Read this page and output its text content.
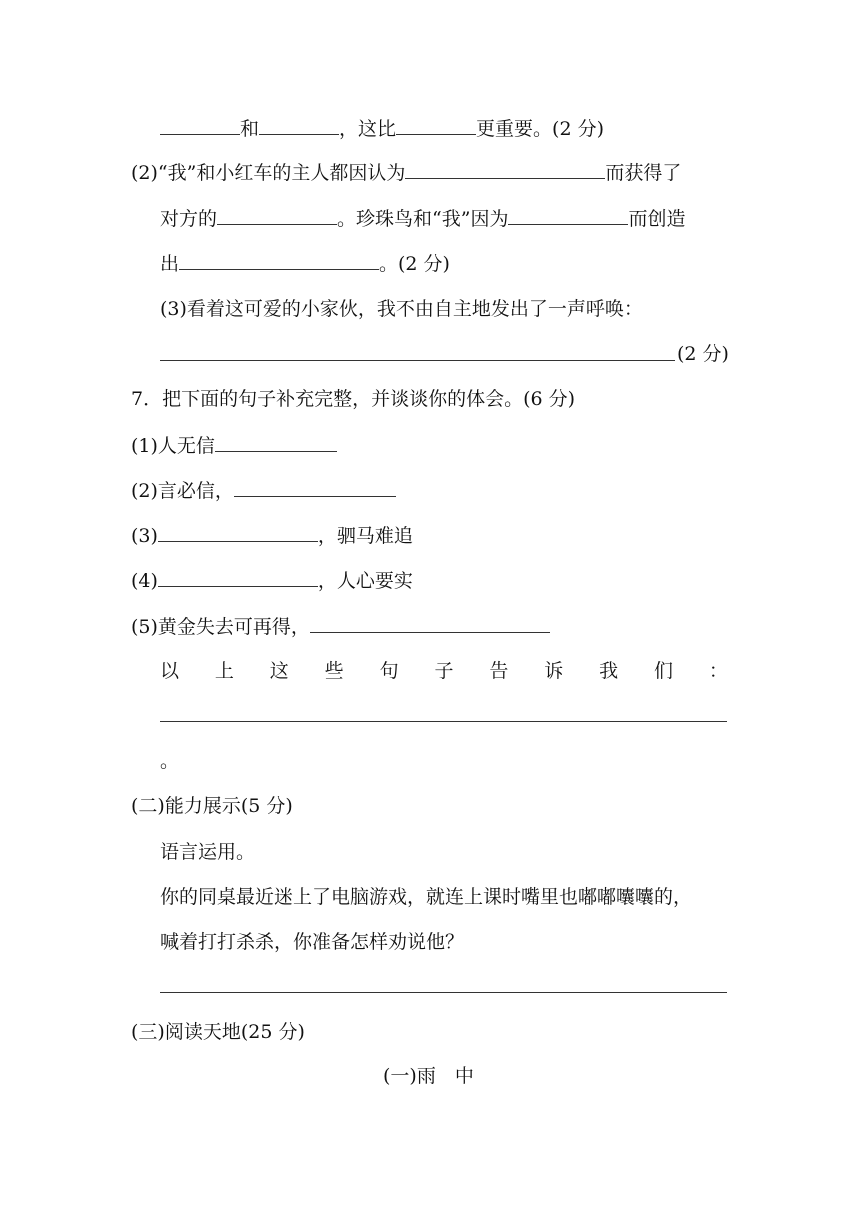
和	，这比	更重要。(2 分)
(2)“我”和小红车的主人都因认为	而获得了
对方的	。珍珠鸟和“我”因为	而创造
出	。(2 分)
(3)看着这可爱的小家伙，我不由自主地发出了一声呼唤：
(2 分)
7．把下面的句子补充完整，并谈谈你的体会。(6 分)
(1)人无信
(2)言必信，
(3)	，驷马难追
(4)	，人心要实
(5)黄金失去可再得，
以 上 这 些 句 子 告 诉 我 们 ：
。
(二)能力展示(5 分)
语言运用。
你的同桌最近迷上了电脑游戏，就连上课时嘴里也嘟嘟囔囔的，
喊着打打杀杀，你准备怎样劝说他？
(三)阅读天地(25 分)
(一)雨　中
